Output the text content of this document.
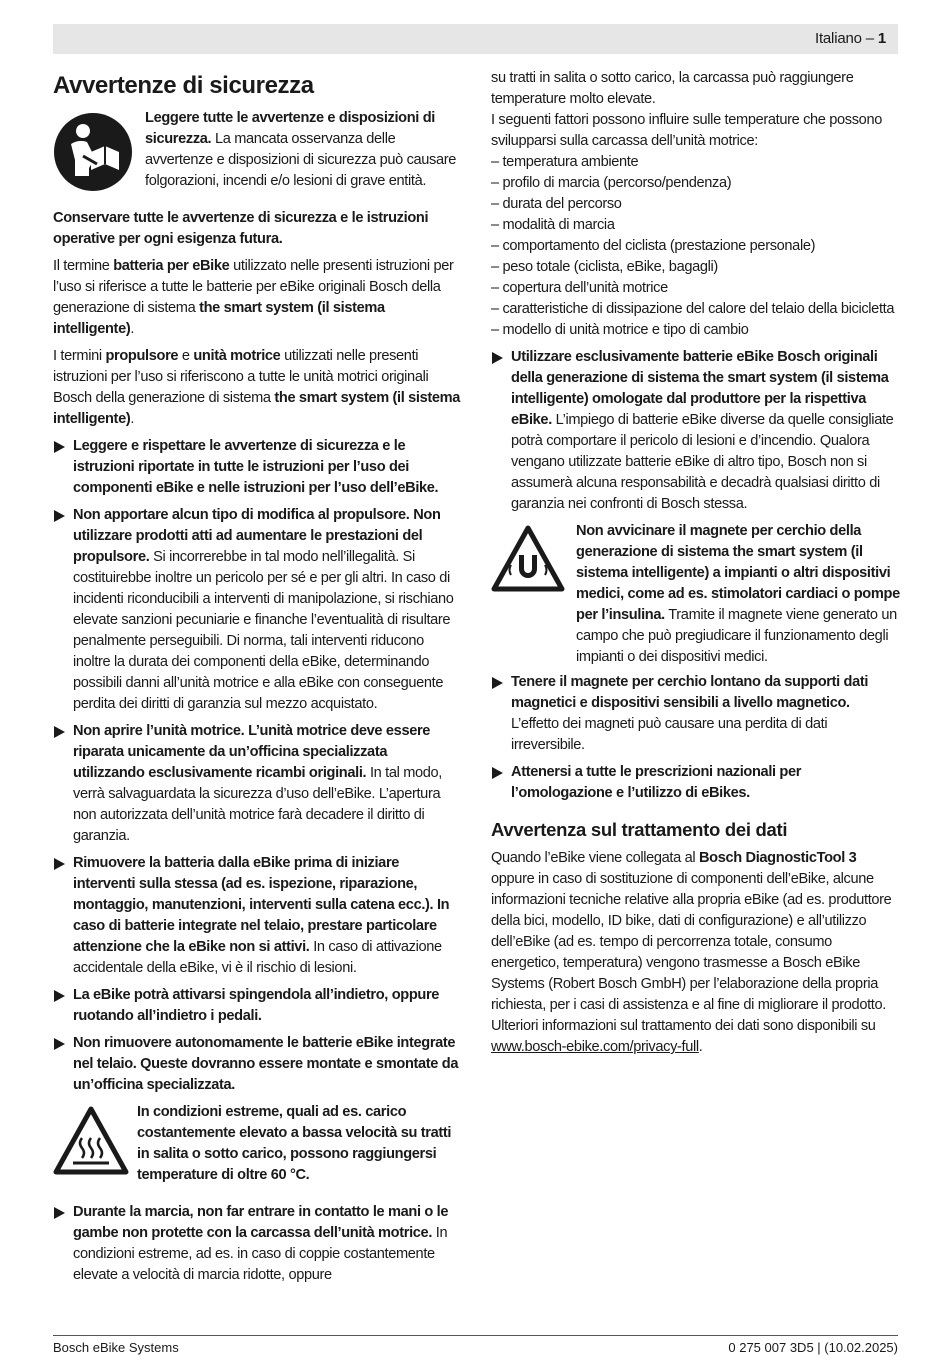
Italiano – 1
Avvertenze di sicurezza
Leggere tutte le avvertenze e disposizioni di sicurezza. La mancata osservanza delle avvertenze e disposizioni di sicurezza può causare folgorazioni, incendi e/o lesioni di grave entità.

Conservare tutte le avvertenze di sicurezza e le istruzioni operative per ogni esigenza futura.

Il termine batteria per eBike utilizzato nelle presenti istruzioni per l’uso si riferisce a tutte le batterie per eBike originali Bosch della generazione di sistema the smart system (il sistema intelligente).

I termini propulsore e unità motrice utilizzati nelle presenti istruzioni per l’uso si riferiscono a tutte le unità motrici originali Bosch della generazione di sistema the smart system (il sistema intelligente).

Leggere e rispettare le avvertenze di sicurezza e le istruzioni riportate in tutte le istruzioni per l’uso dei componenti eBike e nelle istruzioni per l’uso dell’eBike.
Non apportare alcun tipo di modifica al propulsore. Non utilizzare prodotti atti ad aumentare le prestazioni del propulsore. Si incorrerebbe in tal modo nell’illegalità. Si costituirebbe inoltre un pericolo per sé e per gli altri. In caso di incidenti riconducibili a interventi di manipolazione, si rischiano elevate sanzioni pecuniarie e finanche l’eventualità di risultare penalmente perseguibili. Di norma, tali interventi riducono inoltre la durata dei componenti della eBike, determinando possibili danni all’unità motrice e alla eBike con conseguente perdita dei diritti di garanzia sul mezzo acquistato.
Non aprire l’unità motrice. L’unità motrice deve essere riparata unicamente da un’officina specializzata utilizzando esclusivamente ricambi originali. In tal modo, verrà salvaguardata la sicurezza d’uso dell’eBike. L’apertura non autorizzata dell’unità motrice farà decadere il diritto di garanzia.
Rimuovere la batteria dalla eBike prima di iniziare interventi sulla stessa (ad es. ispezione, riparazione, montaggio, manutenzioni, interventi sulla catena ecc.). In caso di batterie integrate nel telaio, prestare particolare attenzione che la eBike non si attivi. In caso di attivazione accidentale della eBike, vi è il rischio di lesioni.
La eBike potrà attivarsi spingendola all’indietro, oppure ruotando all’indietro i pedali.
Non rimuovere autonomamente le batterie eBike integrate nel telaio. Queste dovranno essere montate e smontate da un’officina specializzata.
In condizioni estreme, quali ad es. carico costantemente elevato a bassa velocità su tratti in salita o sotto carico, possono raggiungersi temperature di oltre 60 °C.
Durante la marcia, non far entrare in contatto le mani o le gambe non protette con la carcassa dell’unità motrice. In condizioni estreme, ad es. in caso di coppie costantemente elevate a velocità di marcia ridotte, oppure

su tratti in salita o sotto carico, la carcassa può raggiungere temperature molto elevate.

I seguenti fattori possono influire sulle temperature che possono svilupparsi sulla carcassa dell’unità motrice:

– temperatura ambiente
– profilo di marcia (percorso/pendenza)
– durata del percorso
– modalità di marcia
– comportamento del ciclista (prestazione personale)
– peso totale (ciclista, eBike, bagagli)
– copertura dell’unità motrice
– caratteristiche di dissipazione del calore del telaio della bicicletta
– modello di unità motrice e tipo di cambio
Utilizzare esclusivamente batterie eBike Bosch originali della generazione di sistema the smart system (il sistema intelligente) omologate dal produttore per la rispettiva eBike. L’impiego di batterie eBike diverse da quelle consigliate potrà comportare il pericolo di lesioni e d’incendio. Qualora vengano utilizzate batterie eBike di altro tipo, Bosch non si assumerà alcuna responsabilità e decadrà qualsiasi diritto di garanzia nei confronti di Bosch stessa.
Non avvicinare il magnete per cerchio della generazione di sistema the smart system (il sistema intelligente) a impianti o altri dispositivi medici, come ad es. stimolatori cardiaci o pompe per l’insulina. Tramite il magnete viene generato un campo che può pregiudicare il funzionamento degli impianti o dei dispositivi medici.
Tenere il magnete per cerchio lontano da supporti dati magnetici e dispositivi sensibili a livello magnetico. L’effetto dei magneti può causare una perdita di dati irreversibile.
Attenersi a tutte le prescrizioni nazionali per l’omologazione e l’utilizzo di eBikes.
Avvertenza sul trattamento dei dati

Quando l’eBike viene collegata al Bosch DiagnosticTool 3 oppure in caso di sostituzione di componenti dell’eBike, alcune informazioni tecniche relative alla propria eBike (ad es. produttore della bici, modello, ID bike, dati di configurazione) e all’utilizzo dell’eBike (ad es. tempo di percorrenza totale, consumo energetico, temperatura) vengono trasmesse a Bosch eBike Systems (Robert Bosch GmbH) per l’elaborazione della propria richiesta, per i casi di assistenza e al fine di migliorare il prodotto. Ulteriori informazioni sul trattamento dei dati sono disponibili su
www.bosch-ebike.com/privacy-full.

Bosch eBike Systems	0 275 007 3D5 | (10.02.2025)
